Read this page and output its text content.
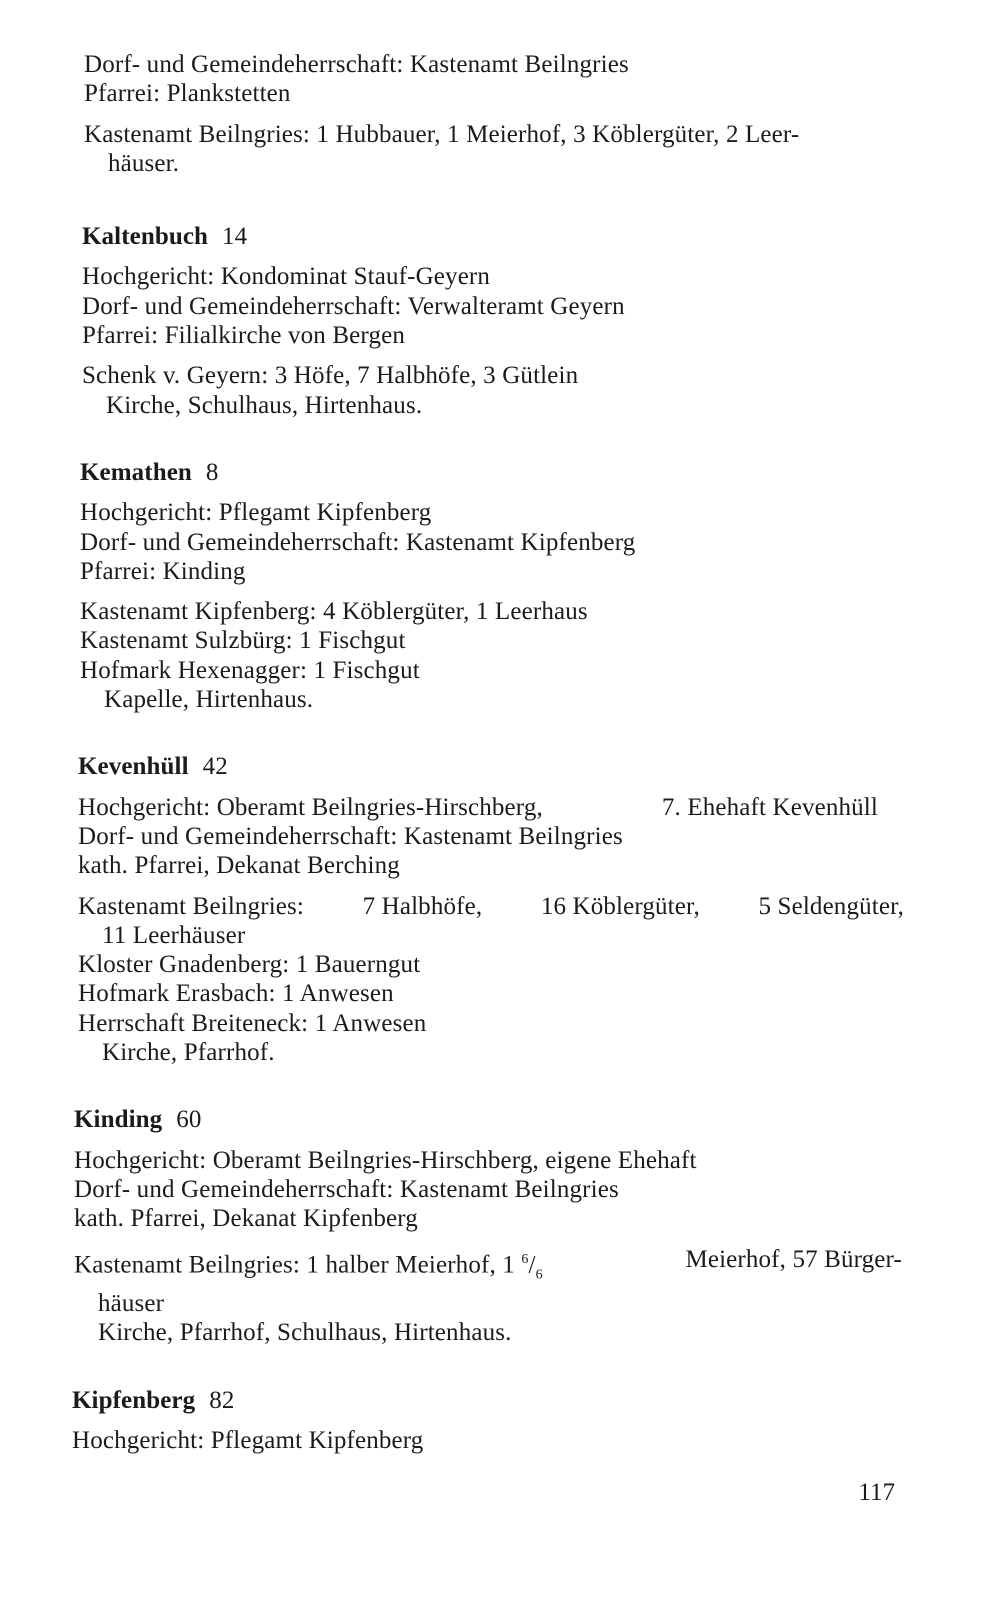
Dorf- und Gemeindeherrschaft: Kastenamt Beilngries

Pfarrei: Plankstetten

Kastenamt Beilngries: 1 Hubbauer, 1 Meierhof, 3 Köblergüter, 2 Leer-

häuser.

Kaltenbuch 14

Hochgericht: Kondominat Stauf-Geyern

Dorf- und Gemeindeherrschaft: Verwalteramt Geyern

Pfarrei: Filialkirche von Bergen

Schenk v. Geyern: 3 Höfe, 7 Halbhöfe, 3 Gütlein

Kirche, Schulhaus, Hirtenhaus.

Kemathen 8

Hochgericht: Pflegamt Kipfenberg

Dorf- und Gemeindeherrschaft: Kastenamt Kipfenberg

Pfarrei: Kinding

Kastenamt Kipfenberg: 4 Köblergüter, 1 Leerhaus

Kastenamt Sulzbürg: 1 Fischgut

Hofmark Hexenagger: 1 Fischgut

Kapelle, Hirtenhaus.

Kevenhüll 42

Hochgericht: Oberamt Beilngries-Hirschberg,	7. Ehehaft Kevenhüll

Dorf- und Gemeindeherrschaft: Kastenamt Beilngries

kath. Pfarrei, Dekanat Berching

Kastenamt Beilngries: 7 Halbhöfe, 16 Köblergüter, 5 Seldengüter,

11 Leerhäuser

Kloster Gnadenberg: 1 Bauerngut

Hofmark Erasbach: 1 Anwesen

Herrschaft Breiteneck: 1 Anwesen

Kirche, Pfarrhof.

Kinding 60

Hochgericht: Oberamt Beilngries-Hirschberg, eigene Ehehaft

Dorf- und Gemeindeherrschaft: Kastenamt Beilngries

kath. Pfarrei, Dekanat Kipfenberg

Kastenamt Beilngries: 1 halber Meierhof, 1 $^6/_6$
Meierhof, 57 Bürger-

häuser

Kirche, Pfarrhof, Schulhaus, Hirtenhaus.

Kipfenberg 82

Hochgericht: Pflegamt Kipfenberg

117
